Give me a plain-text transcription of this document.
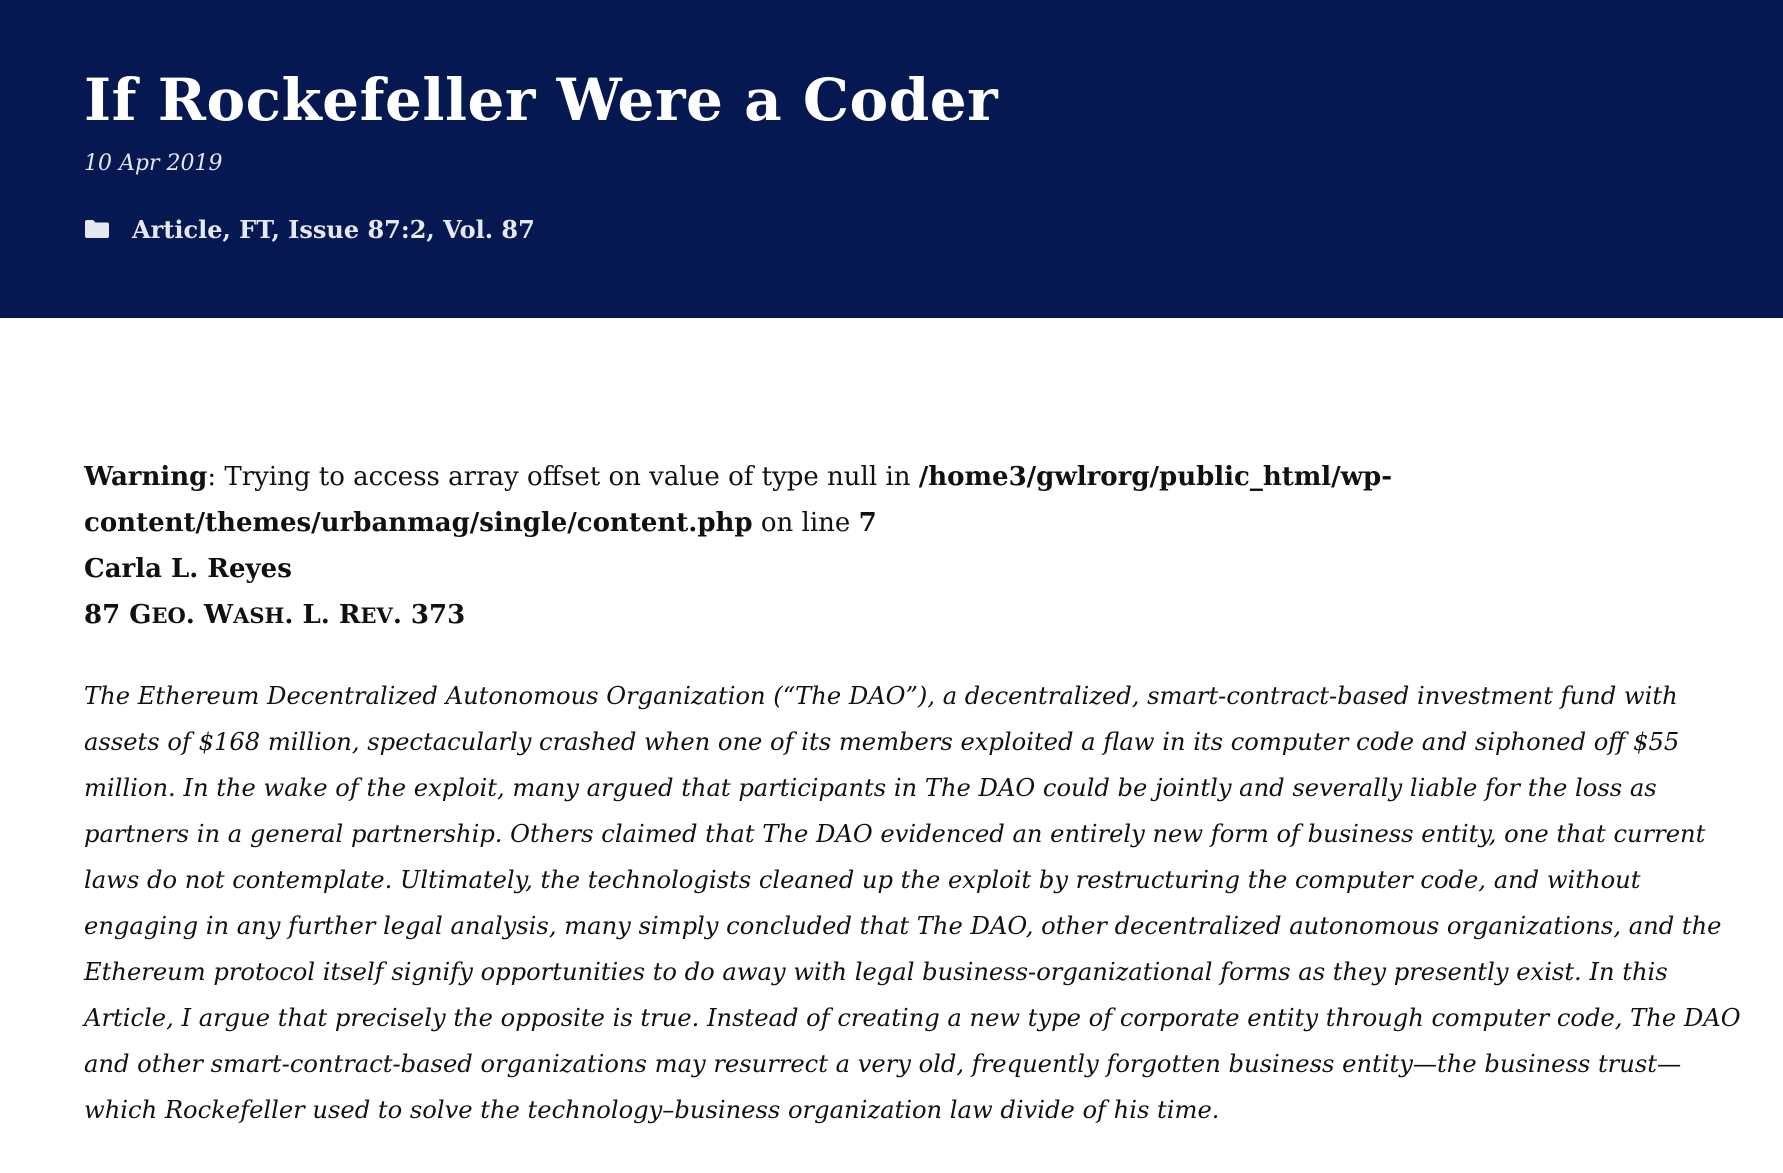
If Rockefeller Were a Coder
10 Apr 2019
Article, FT, Issue 87:2, Vol. 87

Warning: Trying to access array offset on value of type null in /home3/gwlrorg/public_html/wp-content/themes/urbanmag/single/content.php on line 7

Carla L. Reyes
87 GEO. WASH. L. REV. 373

The Ethereum Decentralized Autonomous Organization (“The DAO”), a decentralized, smart-contract-based investment fund with assets of $168 million, spectacularly crashed when one of its members exploited a flaw in its computer code and siphoned off $55 million. In the wake of the exploit, many argued that participants in The DAO could be jointly and severally liable for the loss as partners in a general partnership. Others claimed that The DAO evidenced an entirely new form of business entity, one that current laws do not contemplate. Ultimately, the technologists cleaned up the exploit by restructuring the computer code, and without engaging in any further legal analysis, many simply concluded that The DAO, other decentralized autonomous organizations, and the Ethereum protocol itself signify opportunities to do away with legal business-organizational forms as they presently exist. In this Article, I argue that precisely the opposite is true. Instead of creating a new type of corporate entity through computer code, The DAO and other smart-contract-based organizations may resurrect a very old, frequently forgotten business entity—the business trust—which Rockefeller used to solve the technology–business organization law divide of his time.
